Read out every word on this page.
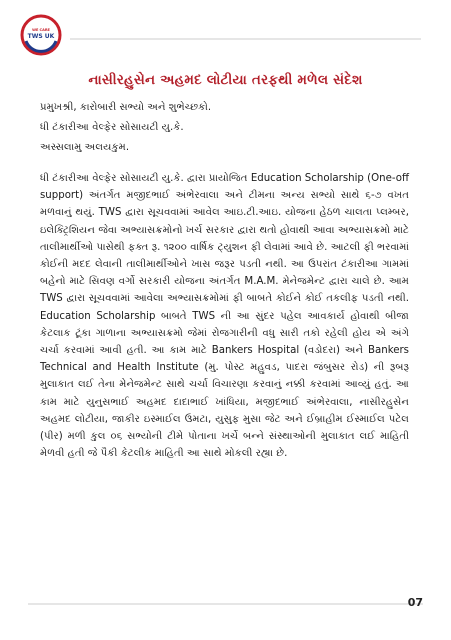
WE CARE
TWS UK
નાસીરહુસેન અહમદ લોટીયા તરફથી મળેલ સંદેશ
પ્રમુખશ્રી, કારોબારી સભ્યો અને શુભેચ્છકો.
ધી ટંકારીઆ વેલ્ફેર સોસાયટી યુ.કે.
અસ્સલામુ અલયકુમ.
ધી ટંકારીઆ વેલ્ફેર સોસાયટી યુ.કે. દ્વારા પ્રાયોજિત Education Scholarship (One-off support) અંતર્ગત મજીદભાઈ અંભેરવાલા અને ટીમના અન્ય સભ્યો સાથે ૬-૭ વખત મળવાનું થયું. TWS દ્વારા સૂચવવામાં આવેલ આઇ.ટી.આઇ. યોજના હેઠળ ચાલતા પ્લમ્બર, ઇલેક્ટ્રિશિયન જેવા અભ્યાસક્રમોનો ખર્ચ સરકાર દ્વારા થતો હોવાથી આવા અભ્યાસક્રમો માટે તાલીમાર્થીઓ પાસેથી ફક્ત રૂ. ૧૨૦૦ વાર્ષિક ટ્યુશન ફી લેવામાં આવે છે. આટલી ફી ભરવામાં કોઈની મદદ લેવાની તાલીમાર્થીઓને ખાસ જરૂર પડતી નથી. આ ઉપરાંત ટંકારીઆ ગામમાં બહેનો માટે સિવણ વર્ગો સરકારી યોજના અંતર્ગત M.A.M. મેનેજમેન્ટ દ્વારા ચાલે છે. આમ TWS દ્વારા સૂચવવામાં આવેલા અભ્યાસક્રમોમાં ફી બાબતે કોઈને કોઈ તકલીફ પડતી નથી. Education Scholarship બાબતે TWS ની આ સુંદર પહેલ આવકાર્ય હોવાથી બીજા કેટલાક ટૂંકા ગાળાના અભ્યાસક્રમો જેમાં રોજગારીની વધુ સારી તકો રહેલી હોય એ અંગે ચર્ચા કરવામાં આવી હતી. આ કામ માટે Bankers Hospital (વડોદરા) અને Bankers Technical and Health Institute (મુ. પોસ્ટ મહુવડ, પાદરા જંબુસર રોડ) ની રૂબરૂ મુલાકાત લઈ તેના મેનેજમેન્ટ સાથે ચર્ચા વિચારણા કરવાનું નક્કી કરવામાં આવ્યું હતું. આ કામ માટે યુનુસભાઈ અહમદ દાદાભાઈ ખાંધિયા, મજીદભાઈ અંભેરવાલા, નાસીરહુસેન અહમદ લોટીયા, જાકીર ઇસ્માઈલ ઉમટા, યુસુફ મુસા જેટ અને ઈબ્રાહીમ ઈસ્માઈલ પટેલ (પીર) મળી કુલ ૦૬ સભ્યોની ટીમે પોતાના ખર્ચે બન્ને સંસ્થાઓની મુલાકાત લઈ માહિતી મેળવી હતી જે પૈકી કેટલીક માહિતી આ સાથે મોકલી રહ્યા છે.
07
